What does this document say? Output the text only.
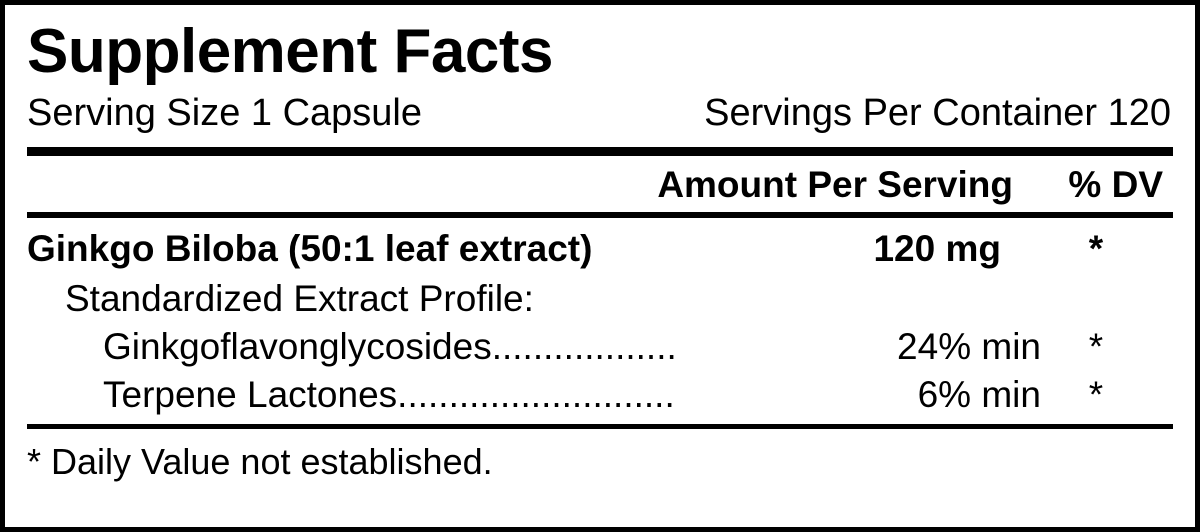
Supplement Facts
Serving Size 1 Capsule	Servings Per Container 120
Amount Per Serving	% DV
Ginkgo Biloba (50:1 leaf extract)	120 mg	*
Standardized Extract Profile:
Ginkgoflavonglycosides ..................	24% min	*
Terpene Lactones ...........................	6% min	*
* Daily Value not established.
